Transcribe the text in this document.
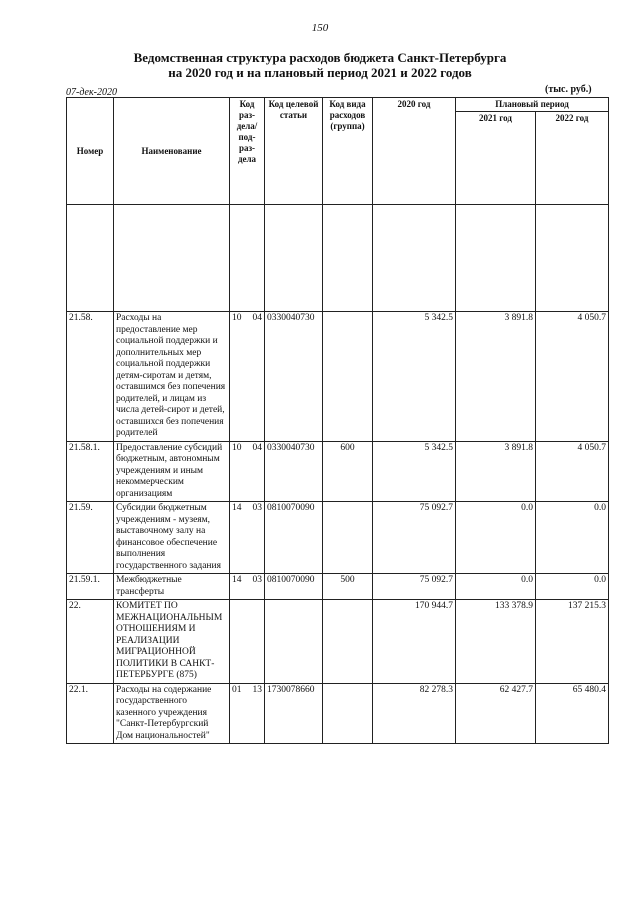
150
Ведомственная структура расходов бюджета Санкт-Петербурга
на 2020 год и на плановый период 2021 и 2022 годов
07-дек-2020	(тыс. руб.)
Номер	Наименование	Код раз- дела/ под- раз- дела	Код целевой статьи	Код вида расходов (группа)	2020 год	Плановый период	
						2021 год	2022 год

21.58.	Расходы на предоставление мер социальной поддержки и дополнительных мер социальной поддержки детям-сиротам и детям, оставшимся без попечения родителей, и лицам из числа детей-сирот и детей, оставшихся без попечения родителей	10 04	0330040730		5 342.5	3 891.8	4 050.7
21.58.1.	Предоставление субсидий бюджетным, автономным учреждениям и иным некоммерческим организациям	10 04	0330040730	600	5 342.5	3 891.8	4 050.7
21.59.	Субсидии бюджетным учреждениям - музеям, выставочному залу на финансовое обеспечение выполнения государственного задания	14 03	0810070090		75 092.7	0.0	0.0
21.59.1.	Межбюджетные трансферты	14 03	0810070090	500	75 092.7	0.0	0.0
22.	КОМИТЕТ ПО МЕЖНАЦИОНАЛЬНЫМ ОТНОШЕНИЯМ И РЕАЛИЗАЦИИ МИГРАЦИОННОЙ ПОЛИТИКИ В САНКТ-ПЕТЕРБУРГЕ (875)				170 944.7	133 378.9	137 215.3
22.1.	Расходы на содержание государственного казенного учреждения "Санкт-Петербургский Дом национальностей"	01 13	1730078660		82 278.3	62 427.7	65 480.4
